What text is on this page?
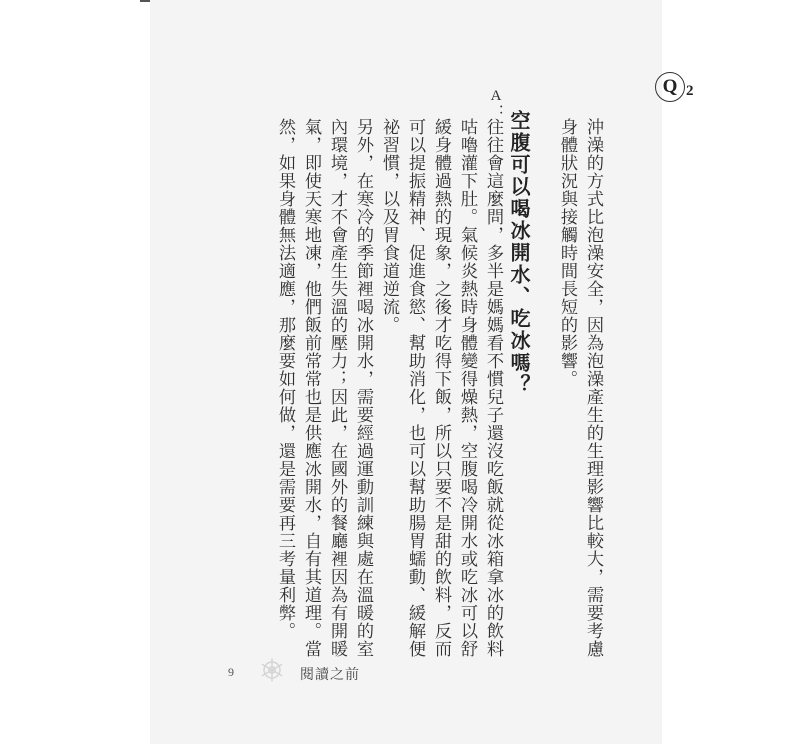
沖澡的方式比泡澡安全，因為泡澡產生的生理影響比較大，需要考慮
身體狀況與接觸時間長短的影響。
Q 2
空腹可以喝冰開水、吃冰嗎？
A：
往往會這麼問，多半是媽媽看不慣兒子還沒吃飯就從冰箱拿冰的飲料
咕嚕灌下肚。氣候炎熱時身體變得燥熱，空腹喝冷開水或吃冰可以舒
緩身體過熱的現象，之後才吃得下飯，所以只要不是甜的飲料，反而
可以提振精神、促進食慾、幫助消化，也可以幫助腸胃蠕動、緩解便
祕習慣，以及胃食道逆流。
另外，在寒冷的季節裡喝冰開水，需要經過運動訓練與處在溫暖的室
內環境，才不會產生失溫的壓力；因此，在國外的餐廳裡因為有開暖
氣，即使天寒地凍，他們飯前常常也是供應冰開水，自有其道理。當
然，如果身體無法適應，那麼要如何做，還是需要再三考量利弊。
9	閱讀之前
